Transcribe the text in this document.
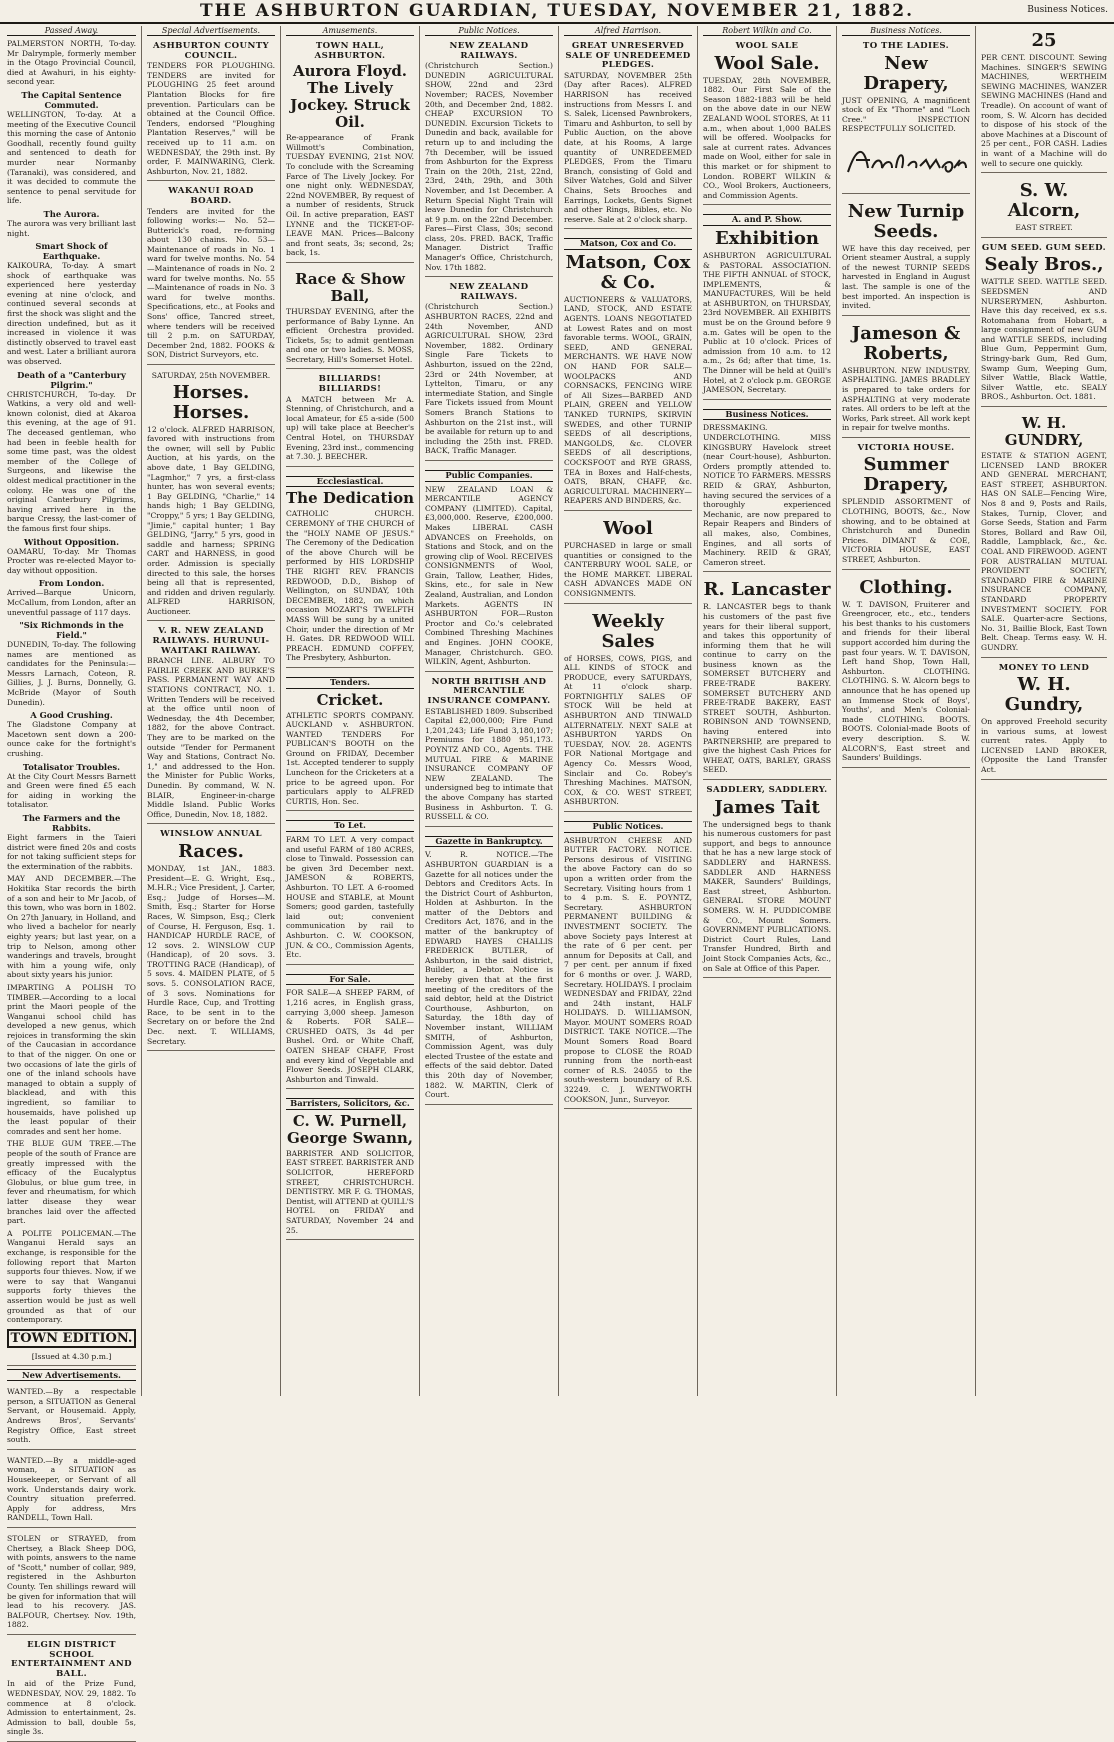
THE ASHBURTON GUARDIAN, TUESDAY, NOVEMBER 21, 1882.	Business Notices.
Passed Away.
PALMERSTON NORTH, To-day. Mr Dalrymple, formerly member in the Otago Provincial Council, died at Awahuri, in his eighty-second year.
The Capital Sentence Commuted.
WELLINGTON, To-day. At a meeting of the Executive Council this morning the case of Antonio Goodhall, recently found guilty and sentenced to death for murder near Normanby (Taranaki), was considered, and it was decided to commute the sentence to penal servitude for life.
The Aurora.
The aurora was very brilliant last night.
Smart Shock of Earthquake.
KAIKOURA, To-day. A smart shock of earthquake was experienced here yesterday evening at nine o'clock, and continued several seconds at first the shock was slight and the direction undefined, but as it increased in violence it was distinctly observed to travel east and west. Later a brilliant aurora was observed.
Death of a "Canterbury Pilgrim."
CHRISTCHURCH, To-day. Dr Watkins, a very old and well-known colonist, died at Akaroa this evening, at the age of 91. The deceased gentleman, who had been in feeble health for some time past, was the oldest member of the College of Surgeons, and likewise the oldest medical practitioner in the colony. He was one of the original Canterbury Pilgrims, having arrived here in the barque Cressy, the last-comer of the famous first four ships.
Without Opposition.
OAMARU, To-day. Mr Thomas Procter was re-elected Mayor to-day without opposition.
From London.
Arrived—Barque Unicorn, McCallum, from London, after an uneventful passage of 117 days.
"Six Richmonds in the Field."
DUNEDIN, To-day. The following names are mentioned as candidates for the Peninsula:—Messrs Larnach, Coteon, R. Gillies, J. J. Burns, Donnelly, G. McBride (Mayor of South Dunedin).
A Good Crushing.
The Gladstone Company at Macetown sent down a 200-ounce cake for the fortnight's crushing.
Totalisator Troubles.
At the City Court Messrs Barnett and Green were fined £5 each for aiding in working the totalisator.
The Farmers and the Rabbits.
Eight farmers in the Taieri district were fined 20s and costs for not taking sufficient steps for the extermination of the rabbits.
MAY AND DECEMBER.—The Hokitika Star records the birth of a son and heir to Mr Jacob, of this town, who was born in 1802. On 27th January, in Holland, and who lived a bachelor for nearly eighty years; but last year, on a trip to Nelson, among other wanderings and travels, brought with him a young wife, only about sixty years his junior.
IMPARTING A POLISH TO TIMBER.—According to a local print the Maori people of the Wanganui school child has developed a new genus, which rejoices in transforming the skin of the Caucasian in accordance to that of the nigger. On one or two occasions of late the girls of one of the inland schools have managed to obtain a supply of blacklead, and with this ingredient, so familiar to housemaids, have polished up the least popular of their comrades and sent her home.
THE BLUE GUM TREE.—The people of the south of France are greatly impressed with the efficacy of the Eucalyptus Globulus, or blue gum tree, in fever and rheumatism, for which latter disease they wear branches laid over the affected part.
A POLITE POLICEMAN.—The Wanganui Herald says an exchange, is responsible for the following report that Marton supports four thieves. Now, if we were to say that Wanganui supports forty thieves the assertion would be just as well grounded as that of our contemporary.
TOWN EDITION.
[Issued at 4.30 p.m.]
New Advertisements.
WANTED.—By a respectable person, a SITUATION as General Servant, or Housemaid. Apply, Andrews Bros', Servants' Registry Office, East street south.
WANTED.—By a middle-aged woman, a SITUATION as Housekeeper, or Servant of all work. Understands dairy work. Country situation preferred. Apply for address, Mrs RANDELL, Town Hall.
STOLEN or STRAYED, from Chertsey, a Black Sheep DOG, with points, answers to the name of "Scott," number of collar, 989, registered in the Ashburton County. Ten shillings reward will be given for information that will lead to his recovery. JAS. BALFOUR, Chertsey. Nov. 19th, 1882.
ELGIN DISTRICT SCHOOL ENTERTAINMENT AND BALL.
In aid of the Prize Fund, WEDNESDAY, NOV. 29, 1882. To commence at 8 o'clock. Admission to entertainment, 2s. Admission to ball, double 5s, single 3s.
Special Advertisements.
ASHBURTON COUNTY COUNCIL.
TENDERS FOR PLOUGHING. TENDERS are invited for PLOUGHING 25 feet around Plantation Blocks for fire prevention. Particulars can be obtained at the Council Office. Tenders, endorsed "Ploughing Plantation Reserves," will be received up to 11 a.m. on WEDNESDAY, the 29th inst. By order, F. MAINWARING, Clerk. Ashburton, Nov. 21, 1882.
WAKANUI ROAD BOARD.
Tenders are invited for the following works:— No. 52—Butterick's road, re-forming about 130 chains. No. 53—Maintenance of roads in No. 1 ward for twelve months. No. 54—Maintenance of roads in No. 2 ward for twelve months. No. 55—Maintenance of roads in No. 3 ward for twelve months. Specifications, etc., at Fooks and Sons' office, Tancred street, where tenders will be received till 2 p.m. on SATURDAY, December 2nd, 1882. FOOKS & SON, District Surveyors, etc.
SATURDAY, 25th NOVEMBER.
Horses. Horses.
12 o'clock. ALFRED HARRISON, favored with instructions from the owner, will sell by Public Auction, at his yards, on the above date, 1 Bay GELDING, "Lagmhor," 7 yrs, a first-class hunter, has won several events; 1 Bay GELDING, "Charlie," 14 hands high; 1 Bay GELDING, "Croppy," 5 yrs; 1 Bay GELDING, "Jimie," capital hunter; 1 Bay GELDING, "Jarry," 5 yrs, good in saddle and harness; SPRING CART and HARNESS, in good order. Admission is specially directed to this sale, the horses being all that is represented, and ridden and driven regularly. ALFRED HARRISON, Auctioneer.
V. R. NEW ZEALAND RAILWAYS. HURUNUI-WAITAKI RAILWAY.
BRANCH LINE. ALBURY TO FAIRLIE CREEK AND BURKE'S PASS. PERMANENT WAY AND STATIONS CONTRACT, NO. 1. Written Tenders will be received at the office until noon of Wednesday, the 4th December, 1882, for the above Contract. They are to be marked on the outside "Tender for Permanent Way and Stations, Contract No. 1," and addressed to the Hon. the Minister for Public Works, Dunedin. By command, W. N. BLAIR, Engineer-in-charge Middle Island. Public Works Office, Dunedin, Nov. 18, 1882.
WINSLOW ANNUAL
Races.
MONDAY, 1st JAN., 1883. President—E. G. Wright, Esq., M.H.R.; Vice President, J. Carter, Esq.; Judge of Horses—M. Smith, Esq.; Starter for Horse Races, W. Simpson, Esq.; Clerk of Course, H. Ferguson, Esq. 1. HANDICAP HURDLE RACE, of 12 sovs. 2. WINSLOW CUP (Handicap), of 20 sovs. 3. TROTTING RACE (Handicap), of 5 sovs. 4. MAIDEN PLATE, of 5 sovs. 5. CONSOLATION RACE, of 3 sovs. Nominations for Hurdle Race, Cup, and Trotting Race, to be sent in to the Secretary on or before the 2nd Dec. next. T. WILLIAMS, Secretary.
Amusements.
TOWN HALL, ASHBURTON.
Aurora Floyd. The Lively Jockey. Struck Oil.
Re-appearance of Frank Willmott's Combination, TUESDAY EVENING, 21st NOV. To conclude with the Screaming Farce of The Lively Jockey. For one night only. WEDNESDAY, 22nd NOVEMBER, By request of a number of residents, Struck Oil. In active preparation, EAST LYNNE and the TICKET-OF-LEAVE MAN. Prices—Balcony and front seats, 3s; second, 2s; back, 1s.
Race & Show Ball,
THURSDAY EVENING, after the performance of Baby Lynne. An efficient Orchestra provided. Tickets, 5s; to admit gentleman and one or two ladies. S. MOSS, Secretary, Hill's Somerset Hotel.
BILLIARDS! BILLIARDS!
A MATCH between Mr A. Stenning, of Christchurch, and a local Amateur, for £5 a-side (500 up) will take place at Beecher's Central Hotel, on THURSDAY Evening, 23rd inst., commencing at 7.30. J. BEECHER.
Ecclesiastical.
The Dedication
CATHOLIC CHURCH. CEREMONY of THE CHURCH of the "HOLY NAME OF JESUS." The Ceremony of the Dedication of the above Church will be performed by HIS LORDSHIP THE RIGHT REV. FRANCIS REDWOOD, D.D., Bishop of Wellington, on SUNDAY, 10th DECEMBER, 1882, on which occasion MOZART'S TWELFTH MASS Will be sung by a united Choir, under the direction of Mr H. Gates. DR REDWOOD WILL PREACH. EDMUND COFFEY, The Presbytery, Ashburton.
Tenders.
Cricket.
ATHLETIC SPORTS COMPANY. AUCKLAND v. ASHBURTON. WANTED TENDERS For PUBLICAN'S BOOTH on the Ground on FRIDAY, December 1st. Accepted tenderer to supply Luncheon for the Cricketers at a price to be agreed upon. For particulars apply to ALFRED CURTIS, Hon. Sec.
To Let.
FARM TO LET. A very compact and useful FARM of 180 ACRES, close to Tinwald. Possession can be given 3rd December next. JAMESON & ROBERTS, Ashburton. TO LET. A 6-roomed HOUSE and STABLE, at Mount Somers; good garden, tastefully laid out; convenient communication by rail to Ashburton. C. W. COOKSON, JUN. & CO., Commission Agents, Etc.
For Sale.
FOR SALE—A SHEEP FARM, of 1,216 acres, in English grass, carrying 3,000 sheep. Jameson & Roberts. FOR SALE—CRUSHED OATS, 3s 4d per Bushel. Ord. or White Chaff, OATEN SHEAF CHAFF, Frost and every kind of Vegetable and Flower Seeds. JOSEPH CLARK, Ashburton and Tinwald.
Barristers, Solicitors, &c.
C. W. Purnell, George Swann,
BARRISTER AND SOLICITOR, EAST STREET. BARRISTER AND SOLICITOR, HEREFORD STREET, CHRISTCHURCH. DENTISTRY. MR F. G. THOMAS, Dentist, will ATTEND at QUILL'S HOTEL on FRIDAY and SATURDAY, November 24 and 25.
Public Notices.
NEW ZEALAND RAILWAYS.
(Christchurch Section.) DUNEDIN AGRICULTURAL SHOW, 22nd and 23rd November; RACES, November 20th, and December 2nd, 1882. CHEAP EXCURSION TO DUNEDIN. Excursion Tickets to Dunedin and back, available for return up to and including the 7th December, will be issued from Ashburton for the Express Train on the 20th, 21st, 22nd, 23rd, 24th, 29th, and 30th November, and 1st December. A Return Special Night Train will leave Dunedin for Christchurch at 9 p.m. on the 22nd December. Fares—First Class, 30s; second class, 20s. FRED. BACK, Traffic Manager. District Traffic Manager's Office, Christchurch, Nov. 17th 1882.
NEW ZEALAND RAILWAYS.
(Christchurch Section.) ASHBURTON RACES, 22nd and 24th November, AND AGRICULTURAL SHOW, 23rd November, 1882. Ordinary Single Fare Tickets to Ashburton, issued on the 22nd, 23rd or 24th November, at Lyttelton, Timaru, or any intermediate Station, and Single Fare Tickets issued from Mount Somers Branch Stations to Ashburton on the 21st inst., will be available for return up to and including the 25th inst. FRED. BACK, Traffic Manager.
Public Companies.
NEW ZEALAND LOAN & MERCANTILE AGENCY COMPANY (LIMITED). Capital, £3,000,000. Reserve, £200,000. Makes LIBERAL CASH ADVANCES on Freeholds, on Stations and Stock, and on the growing clip of Wool. RECEIVES CONSIGNMENTS of Wool, Grain, Tallow, Leather, Hides, Skins, etc., for sale in New Zealand, Australian, and London Markets. AGENTS IN ASHBURTON FOR—Ruston Proctor and Co.'s celebrated Combined Threshing Machines and Engines. JOHN COOKE, Manager, Christchurch. GEO. WILKIN, Agent, Ashburton.
NORTH BRITISH AND MERCANTILE INSURANCE COMPANY.
ESTABLISHED 1809. Subscribed Capital £2,000,000; Fire Fund 1,201,243; Life Fund 3,180,107; Premiums for 1880 951,173. POYNTZ AND CO., Agents. THE MUTUAL FIRE & MARINE INSURANCE COMPANY OF NEW ZEALAND. The undersigned beg to intimate that the above Company has started Business in Ashburton. T. G. RUSSELL & CO.
Gazette in Bankruptcy.
V. R. NOTICE.—The ASHBURTON GUARDIAN is a Gazette for all notices under the Debtors and Creditors Acts. In the District Court of Ashburton, Holden at Ashburton. In the matter of the Debtors and Creditors Act, 1876, and in the matter of the bankruptcy of EDWARD HAYES CHALLIS FREDERICK BUTLER, of Ashburton, in the said district, Builder, a Debtor. Notice is hereby given that at the first meeting of the creditors of the said debtor, held at the District Courthouse, Ashburton, on Saturday, the 18th day of November instant, WILLIAM SMITH, of Ashburton, Commission Agent, was duly elected Trustee of the estate and effects of the said debtor. Dated this 20th day of November, 1882. W. MARTIN, Clerk of Court.
Alfred Harrison.
GREAT UNRESERVED SALE OF UNREDEEMED PLEDGES.
SATURDAY, NOVEMBER 25th (Day after Races). ALFRED HARRISON has received instructions from Messrs I. and S. Salek, Licensed Pawnbrokers, Timaru and Ashburton, to sell by Public Auction, on the above date, at his Rooms, A large quantity of UNREDEEMED PLEDGES, From the Timaru Branch, consisting of Gold and Silver Watches, Gold and Silver Chains, Sets Brooches and Earrings, Lockets, Gents Signet and other Rings, Bibles, etc. No reserve. Sale at 2 o'clock sharp.
Matson, Cox and Co.
Matson, Cox & Co.
AUCTIONEERS & VALUATORS, LAND, STOCK, AND ESTATE AGENTS. LOANS NEGOTIATED at Lowest Rates and on most favorable terms. WOOL, GRAIN, SEED, AND GENERAL MERCHANTS. WE HAVE NOW ON HAND FOR SALE—WOOLPACKS AND CORNSACKS, FENCING WIRE of All Sizes—BARBED AND PLAIN, GREEN and YELLOW TANKED TURNIPS, SKIRVIN SWEDES, and other TURNIP SEEDS of all descriptions, MANGOLDS, &c. CLOVER SEEDS of all descriptions, COCKSFOOT and RYE GRASS, TEA in Boxes and Half-chests, OATS, BRAN, CHAFF, &c. AGRICULTURAL MACHINERY—REAPERS AND BINDERS, &c.
Wool
PURCHASED in large or small quantities or consigned to the CANTERBURY WOOL SALE, or the HOME MARKET. LIBERAL CASH ADVANCES MADE ON CONSIGNMENTS.
Weekly Sales
of HORSES, COWS, PIGS, and ALL KINDS of STOCK and PRODUCE, every SATURDAYS, At 11 o'clock sharp. FORTNIGHTLY SALES OF STOCK Will be held at ASHBURTON AND TINWALD ALTERNATELY. NEXT SALE at ASHBURTON YARDS On TUESDAY, NOV. 28. AGENTS FOR National Mortgage and Agency Co. Messrs Wood, Sinclair and Co. Robey's Threshing Machines. MATSON, COX, & CO. WEST STREET, ASHBURTON.
Public Notices.
ASHBURTON CHEESE AND BUTTER FACTORY. NOTICE. Persons desirous of VISITING the above Factory can do so upon a written order from the Secretary. Visiting hours from 1 to 4 p.m. S. E. POYNTZ, Secretary. ASHBURTON PERMANENT BUILDING & INVESTMENT SOCIETY. The above Society pays Interest at the rate of 6 per cent. per annum for Deposits at Call, and 7 per cent. per annum if fixed for 6 months or over. J. WARD, Secretary. HOLIDAYS. I proclaim WEDNESDAY and FRIDAY, 22nd and 24th instant, HALF HOLIDAYS. D. WILLIAMSON, Mayor. MOUNT SOMERS ROAD DISTRICT. TAKE NOTICE.—The Mount Somers Road Board propose to CLOSE the ROAD running from the north-east corner of R.S. 24055 to the south-western boundary of R.S. 32249. C. J. WENTWORTH COOKSON, Junr., Surveyor.
Robert Wilkin and Co.
WOOL SALE
Wool Sale.
TUESDAY, 28th NOVEMBER, 1882. Our First Sale of the Season 1882-1883 will be held on the above date in our NEW ZEALAND WOOL STORES, At 11 a.m., when about 1,000 BALES will be offered. Woolpacks for sale at current rates. Advances made on Wool, either for sale in this market or for shipment to London. ROBERT WILKIN & CO., Wool Brokers, Auctioneers, and Commission Agents.
A. and P. Show.
Exhibition
ASHBURTON AGRICULTURAL & PASTORAL ASSOCIATION. THE FIFTH ANNUAL of STOCK, IMPLEMENTS, & MANUFACTURES, Will be held at ASHBURTON, on THURSDAY, 23rd NOVEMBER. All EXHIBITS must be on the Ground before 9 a.m. Gates will be open to the Public at 10 o'clock. Prices of admission from 10 a.m. to 12 a.m., 2s 6d; after that time, 1s. The Dinner will be held at Quill's Hotel, at 2 o'clock p.m. GEORGE JAMESON, Secretary.
Business Notices.
DRESSMAKING. UNDERCLOTHING. MISS KINGSBURY Havelock street (near Court-house), Ashburton. Orders promptly attended to. NOTICE TO FARMERS. MESSRS REID & GRAY, Ashburton, having secured the services of a thoroughly experienced Mechanic, are now prepared to Repair Reapers and Binders of all makes, also, Combines, Engines, and all sorts of Machinery. REID & GRAY, Cameron street.
R. Lancaster
R. LANCASTER begs to thank his customers of the past five years for their liberal support, and takes this opportunity of informing them that he will continue to carry on the business known as the SOMERSET BUTCHERY and FREE-TRADE BAKERY. SOMERSET BUTCHERY AND FREE-TRADE BAKERY, EAST STREET SOUTH, Ashburton. ROBINSON AND TOWNSEND, having entered into PARTNERSHIP, are prepared to give the highest Cash Prices for WHEAT, OATS, BARLEY, GRASS SEED.
SADDLERY, SADDLERY.
James Tait
The undersigned begs to thank his numerous customers for past support, and begs to announce that he has a new large stock of SADDLERY and HARNESS. SADDLER AND HARNESS MAKER, Saunders' Buildings, East street, Ashburton. GENERAL STORE MOUNT SOMERS. W. H. PUDDICOMBE & CO., Mount Somers. GOVERNMENT PUBLICATIONS. District Court Rules, Land Transfer Hundred, Birth and Joint Stock Companies Acts, &c., on Sale at Office of this Paper.
Business Notices.
TO THE LADIES.
New Drapery,
JUST OPENING, A magnificent stock of Ex "Thorne" and "Loch Cree." INSPECTION RESPECTFULLY SOLICITED.
New Turnip Seeds.
WE have this day received, per Orient steamer Austral, a supply of the newest TURNIP SEEDS harvested in England in August last. The sample is one of the best imported. An inspection is invited.
Jameson & Roberts,
ASHBURTON. NEW INDUSTRY. ASPHALTING. JAMES BRADLEY is prepared to take orders for ASPHALTING at very moderate rates. All orders to be left at the Works, Park street. All work kept in repair for twelve months.
VICTORIA HOUSE.
Summer Drapery,
SPLENDID ASSORTMENT of CLOTHING, BOOTS, &c., Now showing, and to be obtained at Christchurch and Dunedin Prices. DIMANT & COE, VICTORIA HOUSE, EAST STREET, Ashburton.
Clothing.
W. T. DAVISON, Fruiterer and Greengrocer, etc., etc., tenders his best thanks to his customers and friends for their liberal support accorded him during the past four years. W. T. DAVISON, Left hand Shop, Town Hall, Ashburton. CLOTHING. CLOTHING. S. W. Alcorn begs to announce that he has opened up an Immense Stock of Boys', Youths', and Men's Colonial-made CLOTHING. BOOTS. BOOTS. Colonial-made Boots of every description. S. W. ALCORN'S, East street and Saunders' Buildings.
25
PER CENT. DISCOUNT. Sewing Machines. SINGER'S SEWING MACHINES, WERTHEIM SEWING MACHINES, WANZER SEWING MACHINES (Hand and Treadle). On account of want of room, S. W. Alcorn has decided to dispose of his stock of the above Machines at a Discount of 25 per cent., FOR CASH. Ladies in want of a Machine will do well to secure one quickly.
S. W. Alcorn,
EAST STREET.
GUM SEED. GUM SEED.
Sealy Bros.,
WATTLE SEED. WATTLE SEED. SEEDSMEN AND NURSERYMEN, Ashburton. Have this day received, ex s.s. Rotomahana from Hobart, a large consignment of new GUM and WATTLE SEEDS, including Blue Gum, Peppermint Gum, Stringy-bark Gum, Red Gum, Swamp Gum, Weeping Gum, Silver Wattle, Black Wattle, Silver Wattle, etc. SEALY BROS., Ashburton. Oct. 1881.
W. H. GUNDRY,
ESTATE & STATION AGENT, LICENSED LAND BROKER AND GENERAL MERCHANT, EAST STREET, ASHBURTON. HAS ON SALE—Fencing Wire, Nos 8 and 9, Posts and Rails, Stakes, Turnip, Clover, and Gorse Seeds, Station and Farm Stores, Bollard and Raw Oil, Raddle, Lampblack, &c., &c. COAL AND FIREWOOD. AGENT FOR AUSTRALIAN MUTUAL PROVIDENT SOCIETY, STANDARD FIRE & MARINE INSURANCE COMPANY, STANDARD PROPERTY INVESTMENT SOCIETY. FOR SALE. Quarter-acre Sections, No. 31, Baillie Block, East Town Belt. Cheap. Terms easy. W. H. GUNDRY.
MONEY TO LEND
W. H. Gundry,
On approved Freehold security in various sums, at lowest current rates. Apply to LICENSED LAND BROKER, (Opposite the Land Transfer Act.
